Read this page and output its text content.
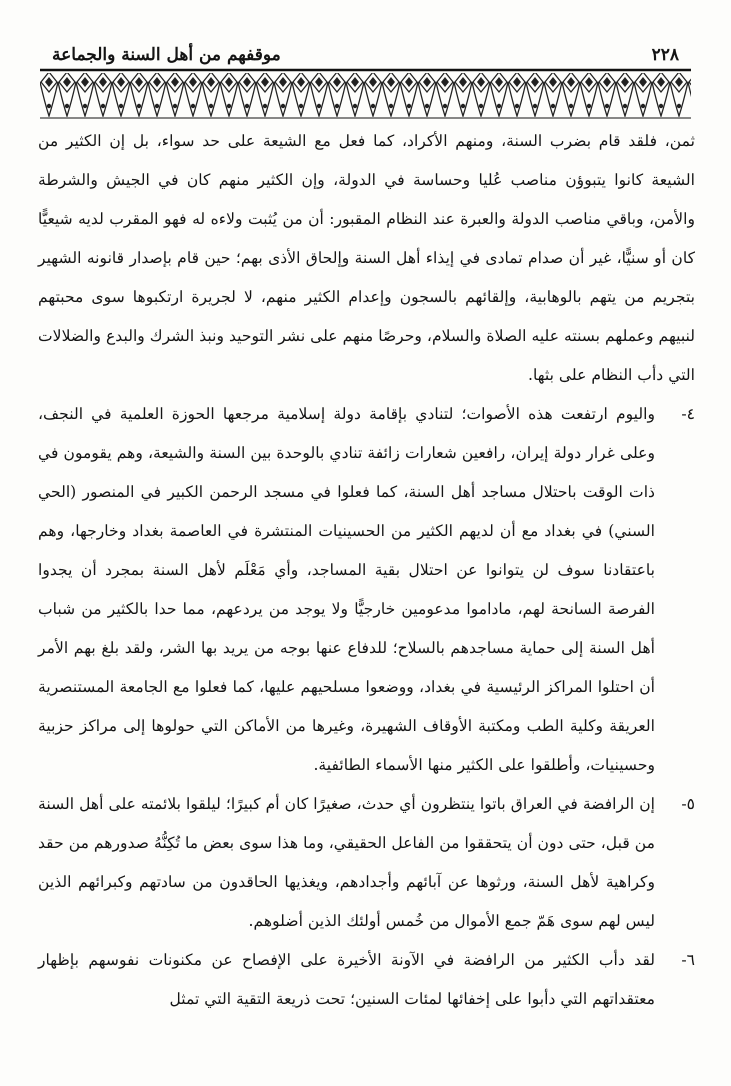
٢٢٨
موقفهم من أهل السنة والجماعة

ثمن، فلقد قام بضرب السنة، ومنهم الأكراد، كما فعل مع الشيعة على حد سواء، بل إن الكثير من الشيعة كانوا يتبوؤن مناصب عُليا وحساسة في الدولة، وإن الكثير منهم كان في الجيش والشرطة والأمن، وباقي مناصب الدولة والعبرة عند النظام المقبور: أن من يُثبت ولاءه له فهو المقرب لديه شيعيًّا كان أو سنيًّا، غير أن صدام تمادى في إيذاء أهل السنة وإلحاق الأذى بهم؛ حين قام بإصدار قانونه الشهير بتجريم من يتهم بالوهابية، وإلقائهم بالسجون وإعدام الكثير منهم، لا لجريرة ارتكبوها سوى محبتهم لنبيهم وعملهم بسنته عليه الصلاة والسلام، وحرصًا منهم على نشر التوحيد ونبذ الشرك والبدع والضلالات التي دأب النظام على بثها.

٤-
واليوم ارتفعت هذه الأصوات؛ لتنادي بإقامة دولة إسلامية مرجعها الحوزة العلمية في النجف، وعلى غرار دولة إيران، رافعين شعارات زائفة تنادي بالوحدة بين السنة والشيعة، وهم يقومون في ذات الوقت باحتلال مساجد أهل السنة، كما فعلوا في مسجد الرحمن الكبير في المنصور (الحي السني) في بغداد مع أن لديهم الكثير من الحسينيات المنتشرة في العاصمة بغداد وخارجها، وهم باعتقادنا سوف لن يتوانوا عن احتلال بقية المساجد، وأي مَعْلَم لأهل السنة بمجرد أن يجدوا الفرصة السانحة لهم، ماداموا مدعومين خارجيًّا ولا يوجد من يردعهم، مما حدا بالكثير من شباب أهل السنة إلى حماية مساجدهم بالسلاح؛ للدفاع عنها بوجه من يريد بها الشر، ولقد بلغ بهم الأمر أن احتلوا المراكز الرئيسية في بغداد، ووضعوا مسلحيهم عليها، كما فعلوا مع الجامعة المستنصرية العريقة وكلية الطب ومكتبة الأوقاف الشهيرة، وغيرها من الأماكن التي حولوها إلى مراكز حزبية وحسينيات، وأطلقوا على الكثير منها الأسماء الطائفية.
٥-
إن الرافضة في العراق باتوا ينتظرون أي حدث، صغيرًا كان أم كبيرًا؛ ليلقوا بلائمته على أهل السنة من قبل، حتى دون أن يتحققوا من الفاعل الحقيقي، وما هذا سوى بعض ما تُكِنُّهُ صدورهم من حقد وكراهية لأهل السنة، ورثوها عن آبائهم وأجدادهم، ويغذيها الحاقدون من سادتهم وكبرائهم الذين ليس لهم سوى هَمّ جمع الأموال من خُمس أولئك الذين أضلوهم.
٦-
لقد دأب الكثير من الرافضة في الآونة الأخيرة على الإفصاح عن مكنونات نفوسهم بإظهار معتقداتهم التي دأبوا على إخفائها لمئات السنين؛ تحت ذريعة التقية التي تمثل
